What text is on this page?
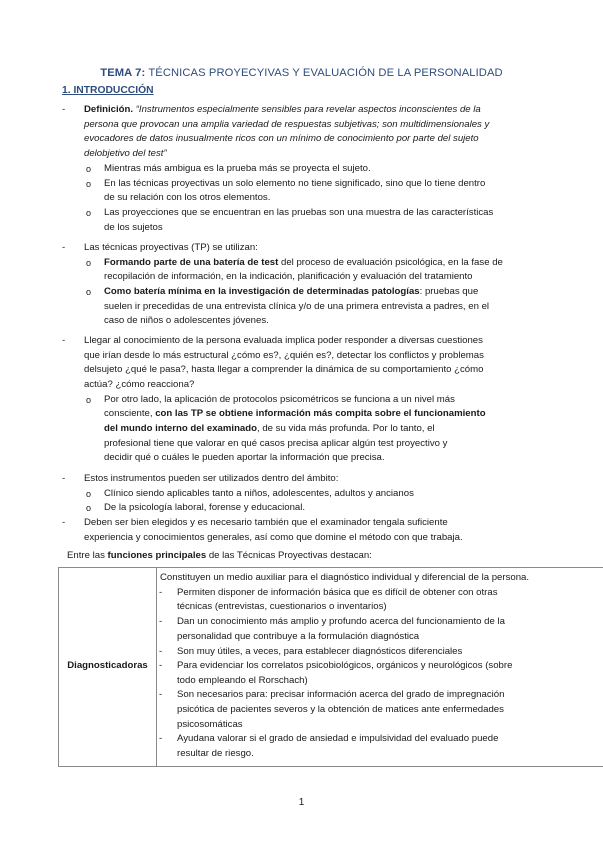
TEMA 7: TÉCNICAS PROYECYIVAS Y EVALUACIÓN DE LA PERSONALIDAD
1. INTRODUCCIÓN
- Definición. “Instrumentos especialmente sensibles para revelar aspectos inconscientes de la
persona que provocan una amplia variedad de respuestas subjetivas; son multidimensionales y
evocadores de datos inusualmente ricos con un mínimo de conocimiento por parte del sujeto
delobjetivo del test”
o Mientras más ambigua es la prueba más se proyecta el sujeto.
o En las técnicas proyectivas un solo elemento no tiene significado, sino que lo tiene dentro
de su relación con los otros elementos.
o Las proyecciones que se encuentran en las pruebas son una muestra de las características
de los sujetos
- Las técnicas proyectivas (TP) se utilizan:
o Formando parte de una batería de test del proceso de evaluación psicológica, en la fase de
recopilación de información, en la indicación, planificación y evaluación del tratamiento
o Como batería mínima en la investigación de determinadas patologías: pruebas que
suelen ir precedidas de una entrevista clínica y/o de una primera entrevista a padres, en el
caso de niños o adolescentes jóvenes.
- Llegar al conocimiento de la persona evaluada implica poder responder a diversas cuestiones
que irían desde lo más estructural ¿cómo es?, ¿quién es?, detectar los conflictos y problemas
delsujeto ¿qué le pasa?, hasta llegar a comprender la dinámica de su comportamiento ¿cómo
actúa? ¿cómo reacciona?
o Por otro lado, la aplicación de protocolos psicométricos se funciona a un nivel más
consciente, con las TP se obtiene información más compita sobre el funcionamiento
del mundo interno del examinado, de su vida más profunda. Por lo tanto, el
profesional tiene que valorar en qué casos precisa aplicar algún test proyectivo y
decidir qué o cuáles le pueden aportar la información que precisa.
- Estos instrumentos pueden ser utilizados dentro del ámbito:
o Clínico siendo aplicables tanto a niños, adolescentes, adultos y ancianos
o De la psicología laboral, forense y educacional.
- Deben ser bien elegidos y es necesario también que el examinador tengala suficiente
experiencia y conocimientos generales, así como que domine el método con que trabaja.
Entre las funciones principales de las Técnicas Proyectivas destacan:
Diagnosticadoras

Constituyen un medio auxiliar para el diagnóstico individual y diferencial de la persona.
- Permiten disponer de información básica que es difícil de obtener con otras
técnicas (entrevistas, cuestionarios o inventarios)
- Dan un conocimiento más amplio y profundo acerca del funcionamiento de la
personalidad que contribuye a la formulación diagnóstica
- Son muy útiles, a veces, para establecer diagnósticos diferenciales
- Para evidenciar los correlatos psicobiológicos, orgánicos y neurológicos (sobre
todo empleando el Rorschach)
- Son necesarios para: precisar información acerca del grado de impregnación
psicótica de pacientes severos y la obtención de matices ante enfermedades
psicosomáticas
- Ayudana valorar si el grado de ansiedad e impulsividad del evaluado puede
resultar de riesgo.
1
